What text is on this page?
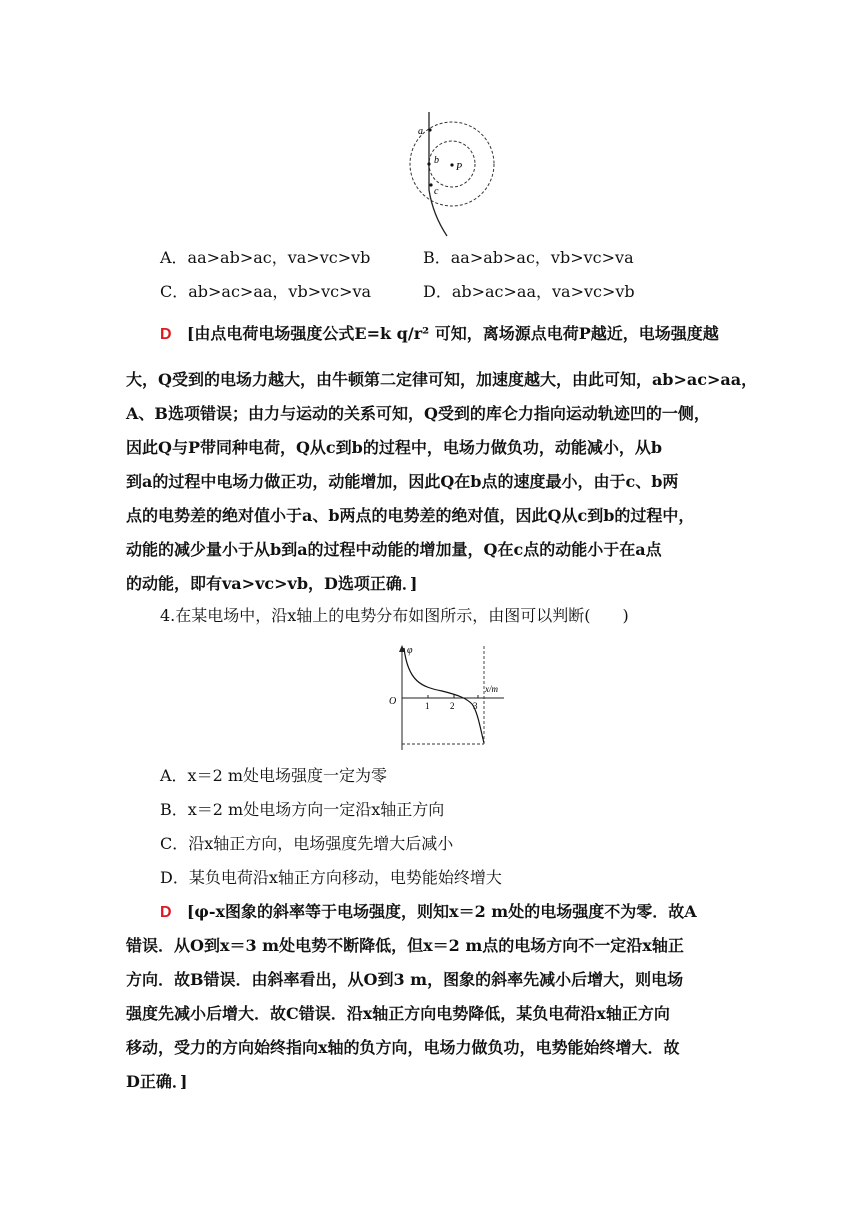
a
b
c
P
A．aa>ab>ac，va>vc>vb	B．aa>ab>ac，vb>vc>va
C．ab>ac>aa，vb>vc>va	D．ab>ac>aa，va>vc>vb
D [由点电荷电场强度公式E=k q/r² 可知，离场源点电荷P越近，电场强度越
大，Q受到的电场力越大，由牛顿第二定律可知，加速度越大，由此可知，ab>ac>aa，
A、B选项错误；由力与运动的关系可知，Q受到的库仑力指向运动轨迹凹的一侧，
因此Q与P带同种电荷，Q从c到b的过程中，电场力做负功，动能减小，从b
到a的过程中电场力做正功，动能增加，因此Q在b点的速度最小，由于c、b两
点的电势差的绝对值小于a、b两点的电势差的绝对值，因此Q从c到b的过程中，
动能的减少量小于从b到a的过程中动能的增加量，Q在c点的动能小于在a点
的动能，即有va>vc>vb，D选项正确．]
4.在某电场中，沿x轴上的电势分布如图所示，由图可以判断(　　)
φ
x/m
O	1 2 3
A．x＝2 m处电场强度一定为零
B．x＝2 m处电场方向一定沿x轴正方向
C．沿x轴正方向，电场强度先增大后减小
D．某负电荷沿x轴正方向移动，电势能始终增大
D [φ-x图象的斜率等于电场强度，则知x＝2 m处的电场强度不为零．故A
错误．从O到x＝3 m处电势不断降低，但x＝2 m点的电场方向不一定沿x轴正
方向．故B错误．由斜率看出，从O到3 m，图象的斜率先减小后增大，则电场
强度先减小后增大．故C错误．沿x轴正方向电势降低，某负电荷沿x轴正方向
移动，受力的方向始终指向x轴的负方向，电场力做负功，电势能始终增大．故
D正确．]
